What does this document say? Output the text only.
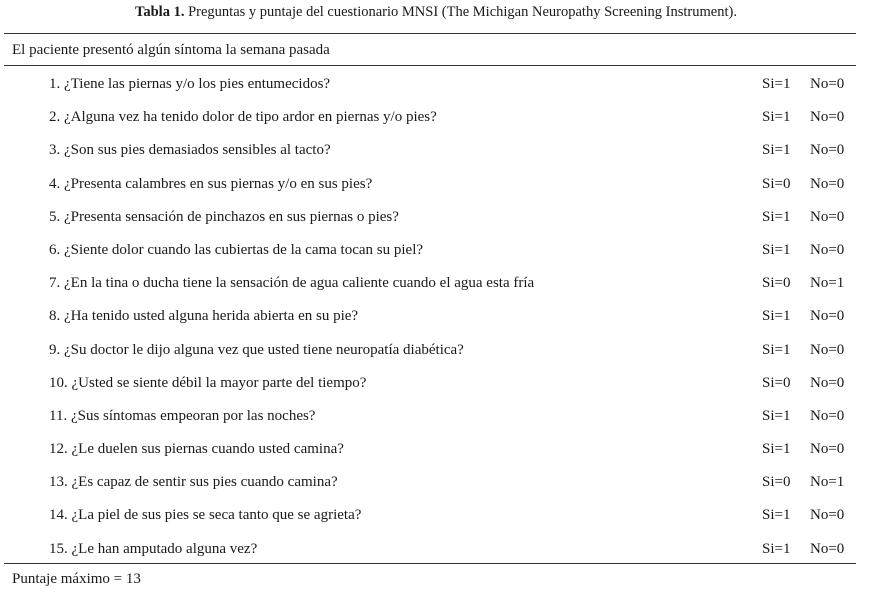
Tabla 1. Preguntas y puntaje del cuestionario MNSI (The Michigan Neuropathy Screening Instrument).
El paciente presentó algún síntoma la semana pasada
1. ¿Tiene las piernas y/o los pies entumecidos?	Si=1 No=0
2. ¿Alguna vez ha tenido dolor de tipo ardor en piernas y/o pies?	Si=1 No=0
3. ¿Son sus pies demasiados sensibles al tacto?	Si=1 No=0
4. ¿Presenta calambres en sus piernas y/o en sus pies?	Si=0 No=0
5. ¿Presenta sensación de pinchazos en sus piernas o pies?	Si=1 No=0
6. ¿Siente dolor cuando las cubiertas de la cama tocan su piel?	Si=1 No=0
7. ¿En la tina o ducha tiene la sensación de agua caliente cuando el agua esta fría	Si=0 No=1
8. ¿Ha tenido usted alguna herida abierta en su pie?	Si=1 No=0
9. ¿Su doctor le dijo alguna vez que usted tiene neuropatía diabética?	Si=1 No=0
10. ¿Usted se siente débil la mayor parte del tiempo?	Si=0 No=0
11. ¿Sus síntomas empeoran por las noches?	Si=1 No=0
12. ¿Le duelen sus piernas cuando usted camina?	Si=1 No=0
13. ¿Es capaz de sentir sus pies cuando camina?	Si=0 No=1
14. ¿La piel de sus pies se seca tanto que se agrieta?	Si=1 No=0
15. ¿Le han amputado alguna vez?	Si=1 No=0
Puntaje máximo = 13
